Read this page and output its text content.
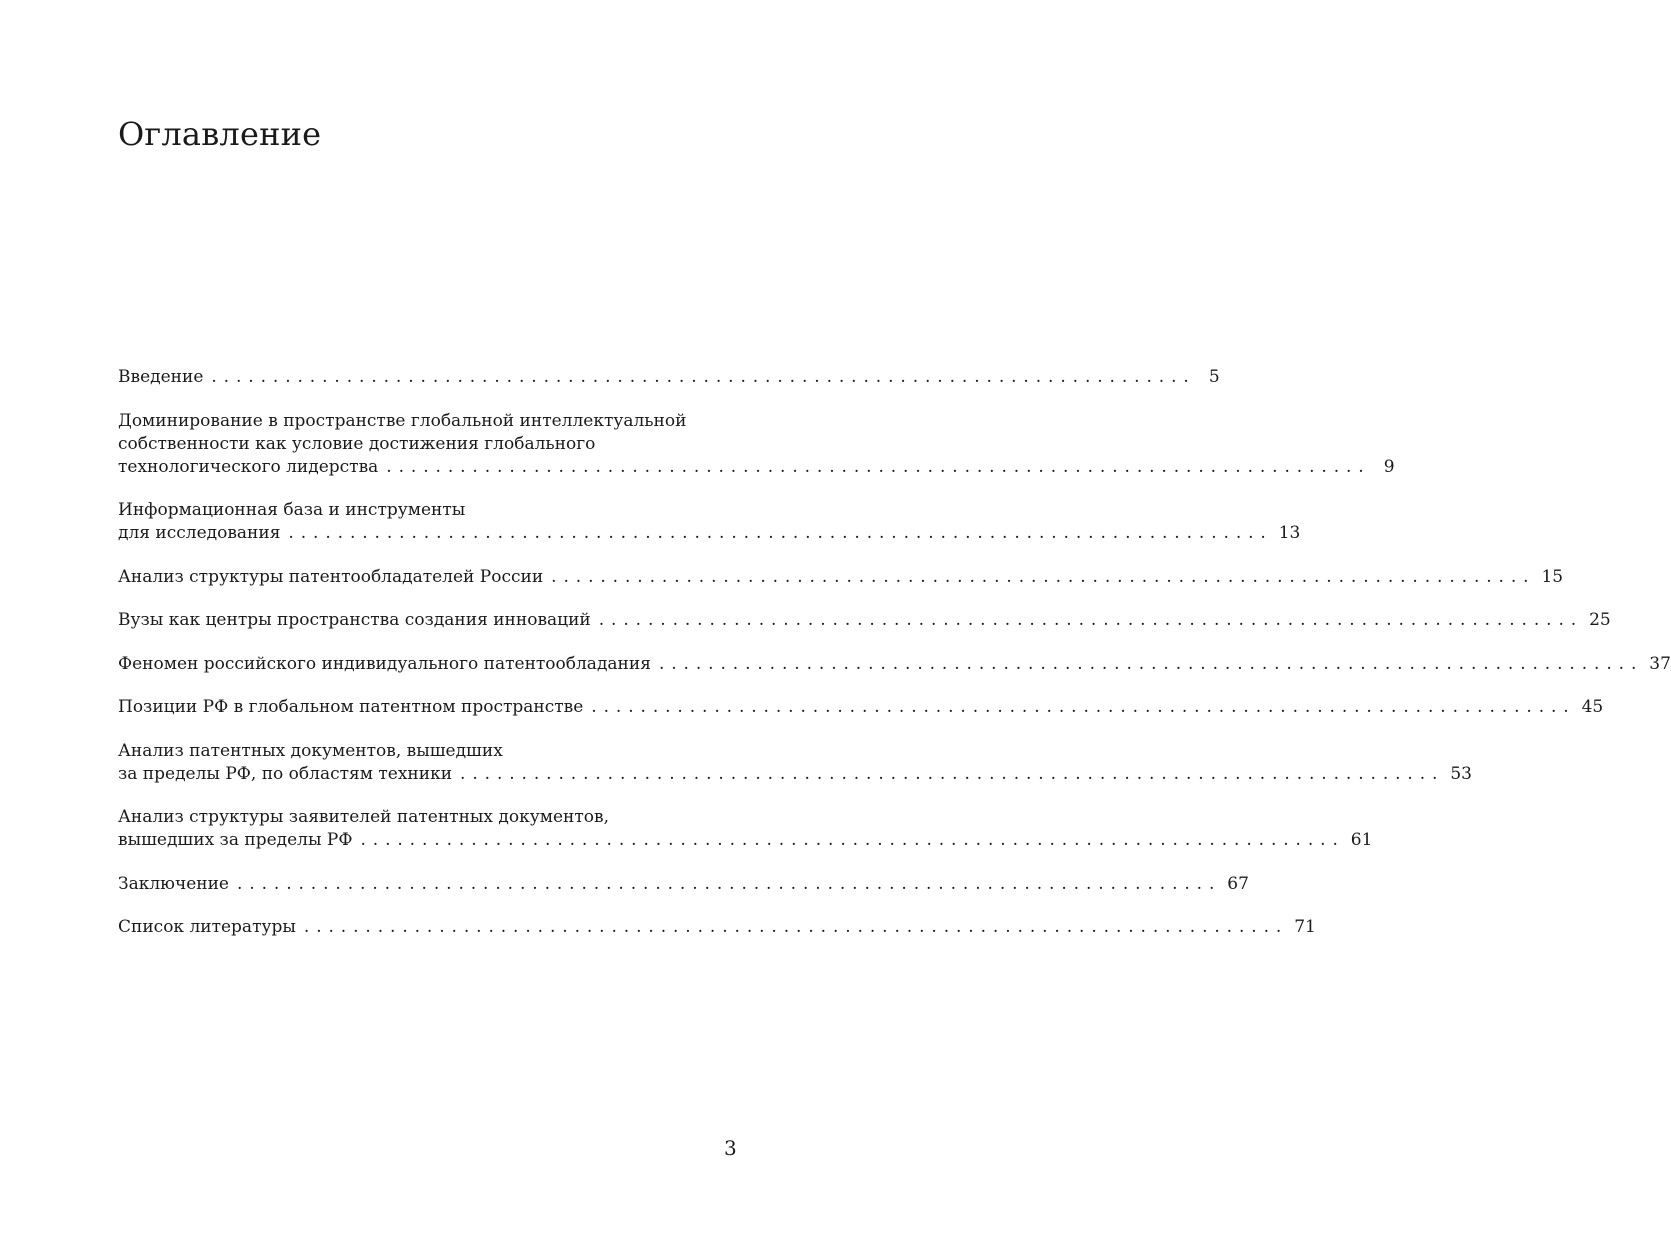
Оглавление
Введение ................................................................................ 5
Доминирование в пространстве глобальной интеллектуальной
собственности как условие достижения глобального
технологического лидерства ................................................................................ 9
Информационная база и инструменты
для исследования ................................................................................ 13
Анализ структуры патентообладателей России ................................................................................ 15
Вузы как центры пространства создания инноваций ................................................................................ 25
Феномен российского индивидуального патентообладания ................................................................................ 37
Позиции РФ в глобальном патентном пространстве ................................................................................ 45
Анализ патентных документов, вышедших
за пределы РФ, по областям техники ................................................................................ 53
Анализ структуры заявителей патентных документов,
вышедших за пределы РФ ................................................................................ 61
Заключение ................................................................................ 67
Список литературы ................................................................................ 71
3
